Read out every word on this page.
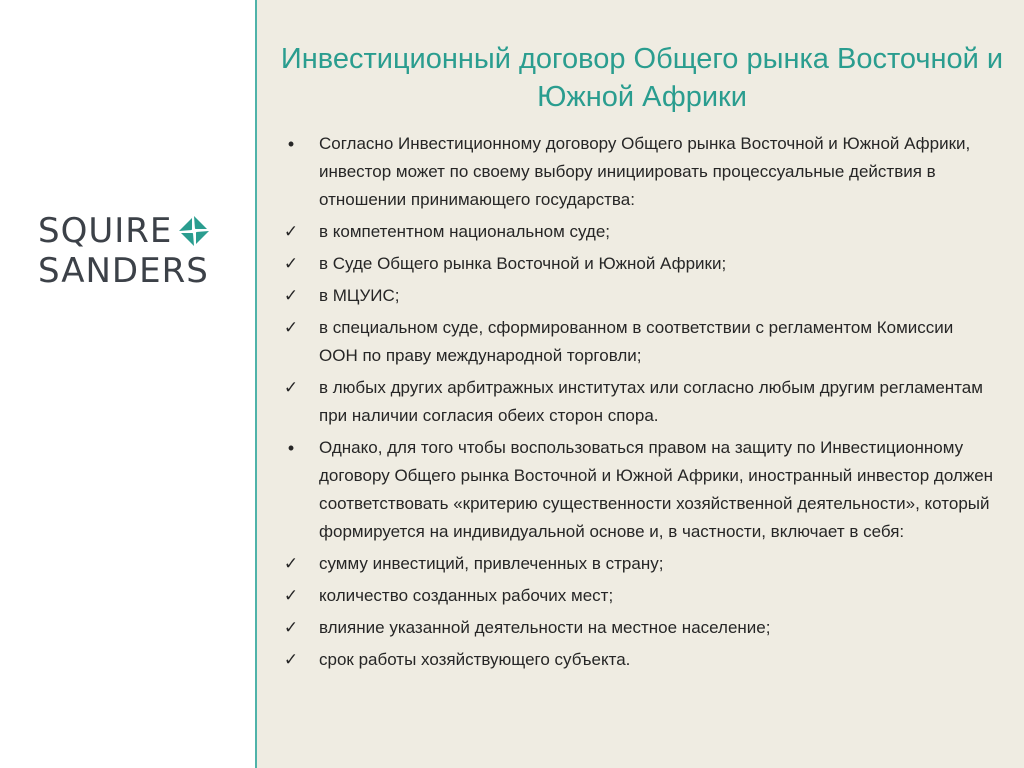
SQUIRE
SANDERS
Инвестиционный договор Общего рынка Восточной и Южной Африки
•	Согласно Инвестиционному договору Общего рынка Восточной и Южной Африки, инвестор может по своему выбору инициировать процессуальные действия в отношении принимающего государства:
✓ в компетентном национальном суде;
✓ в Суде Общего рынка Восточной и Южной Африки;
✓ в МЦУИС;
✓ в специальном суде, сформированном в соответствии с регламентом Комиссии ООН по праву международной торговли;
✓ в любых других арбитражных институтах или согласно любым другим регламентам при наличии согласия обеих сторон спора.
•	Однако, для того чтобы воспользоваться правом на защиту по Инвестиционному договору Общего рынка Восточной и Южной Африки, иностранный инвестор должен соответствовать «критерию существенности хозяйственной деятельности», который формируется на индивидуальной основе и, в частности, включает в себя:
✓ сумму инвестиций, привлеченных в страну;
✓ количество созданных рабочих мест;
✓ влияние указанной деятельности на местное население;
✓ срок работы хозяйствующего субъекта.
